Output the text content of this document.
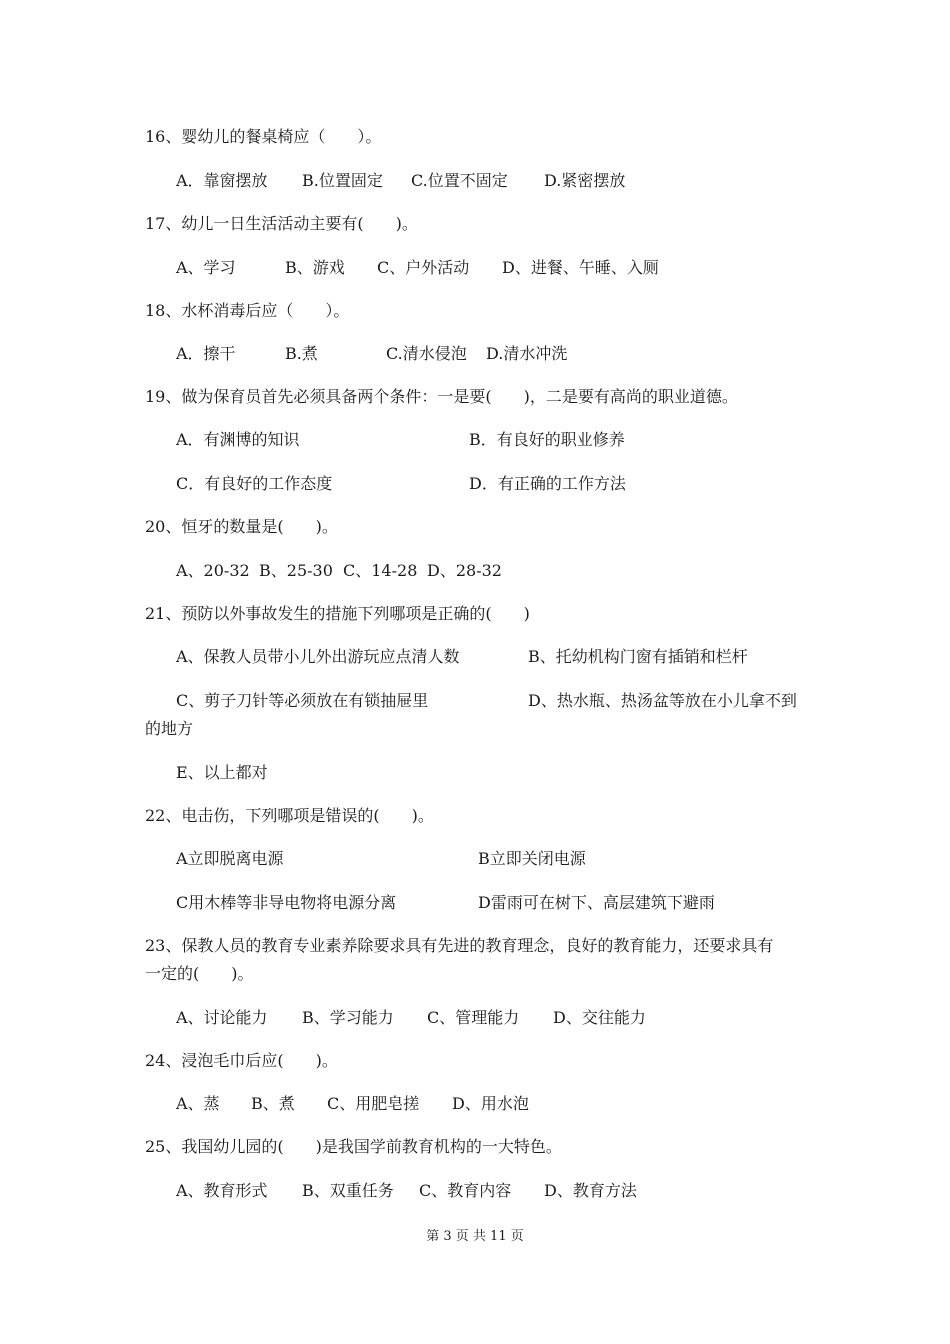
16、婴幼儿的餐桌椅应（　　）。
A．靠窗摆放 B.位置固定 C.位置不固定 D.紧密摆放
17、幼儿一日生活活动主要有(　　)。
A、学习	B、游戏 C、户外活动 D、进餐、午睡、入厕
18、水杯消毒后应（　　）。
A．擦干	B.煮	C.清水侵泡 D.清水冲洗
19、做为保育员首先必须具备两个条件：一是要(　　)，二是要有高尚的职业道德。
A．有渊博的知识	B．有良好的职业修养
C．有良好的工作态度	D．有正确的工作方法
20、恒牙的数量是(　　)。
A、20-32 B、25-30 C、14-28 D、28-32
21、预防以外事故发生的措施下列哪项是正确的(　　)
A、保教人员带小儿外出游玩应点清人数	B、托幼机构门窗有插销和栏杆
C、剪子刀针等必须放在有锁抽屉里	D、热水瓶、热汤盆等放在小儿拿不到
的地方
E、以上都对
22、电击伤，下列哪项是错误的(　　)。
A立即脱离电源	B立即关闭电源
C用木棒等非导电物将电源分离	D雷雨可在树下、高层建筑下避雨
23、保教人员的教育专业素养除要求具有先进的教育理念，良好的教育能力，还要求具有
一定的(　　)。
A、讨论能力 B、学习能力 C、管理能力 D、交往能力
24、浸泡毛巾后应(　　)。
A、蒸 B、煮 C、用肥皂搓 D、用水泡
25、我国幼儿园的(　　)是我国学前教育机构的一大特色。
A、教育形式 B、双重任务 C、教育内容 D、教育方法
第 3 页 共 11 页
